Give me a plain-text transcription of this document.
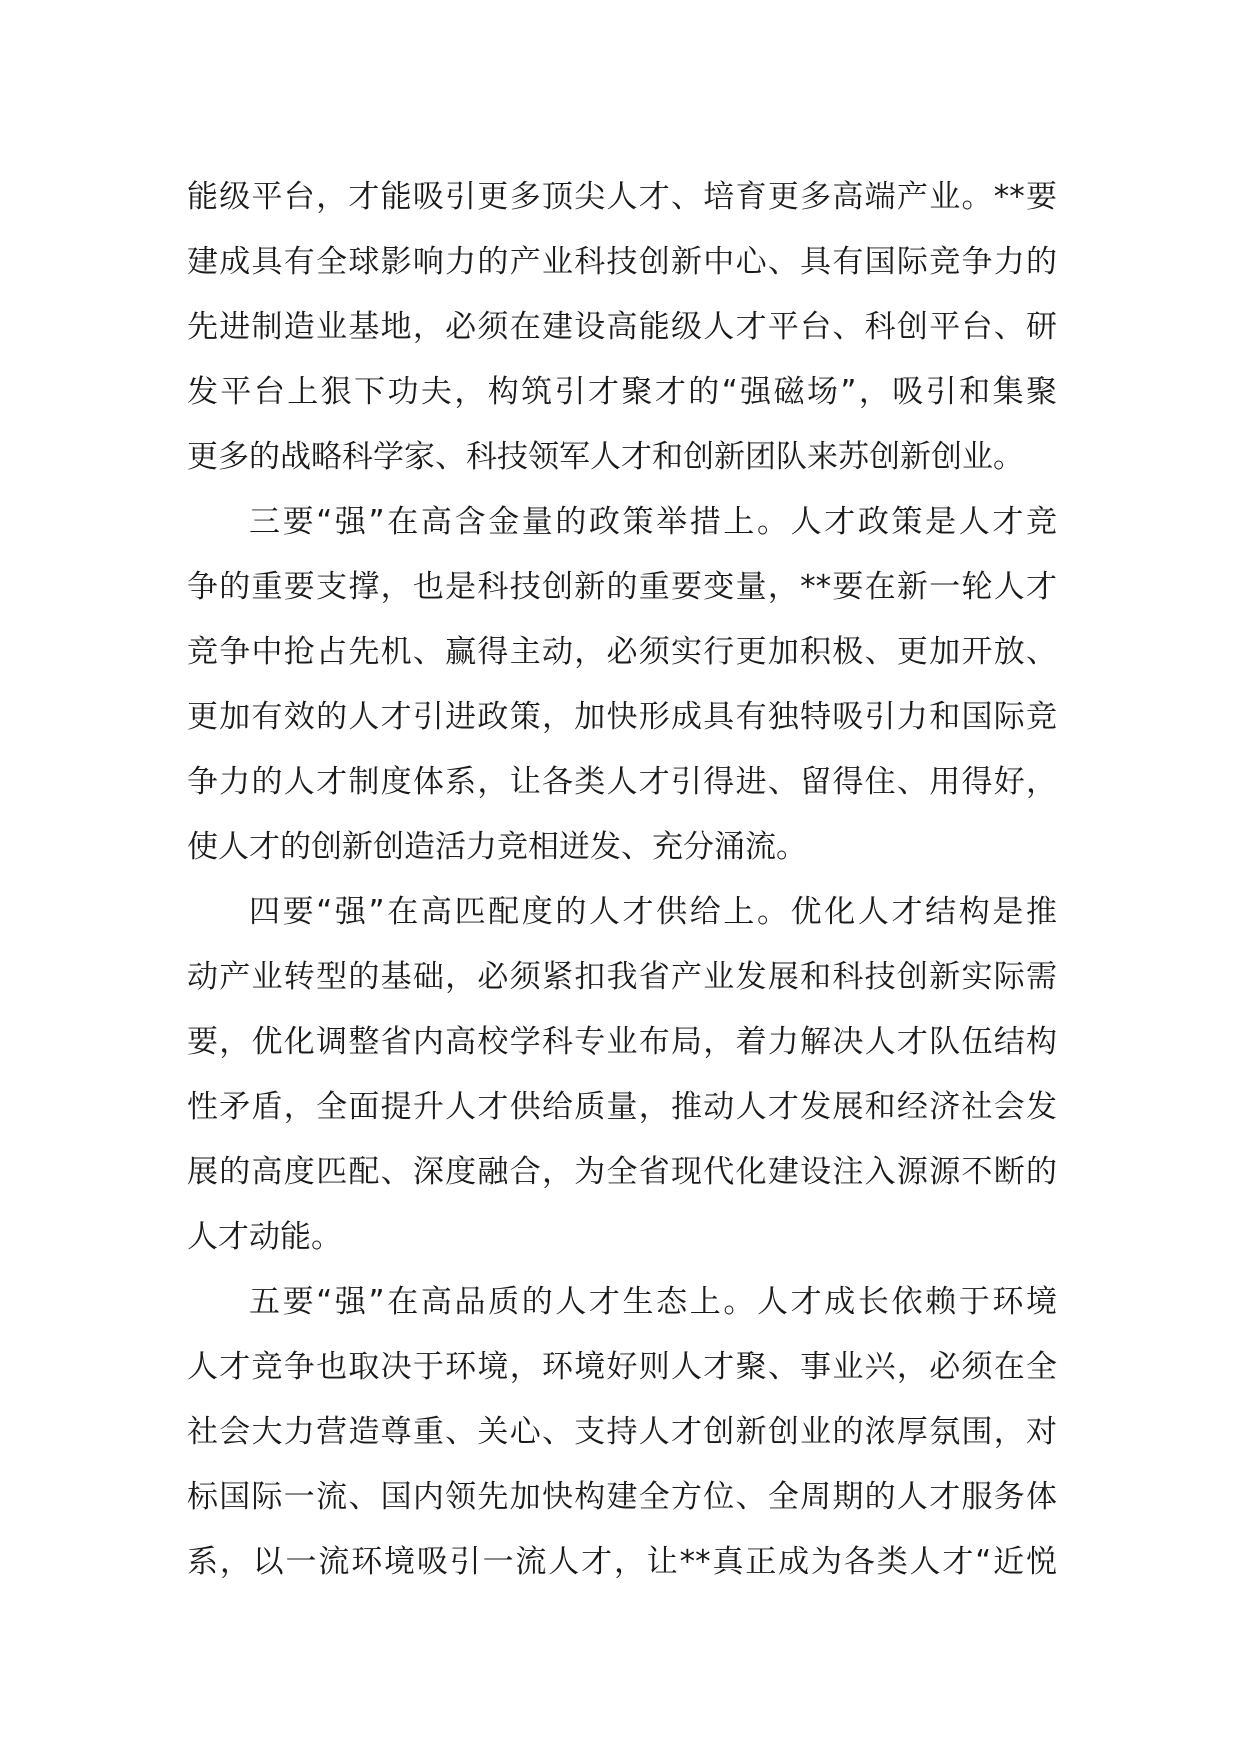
能级平台，才能吸引更多顶尖人才、培育更多高端产业。**要
建成具有全球影响力的产业科技创新中心、具有国际竞争力的
先进制造业基地，必须在建设高能级人才平台、科创平台、研
发平台上狠下功夫，构筑引才聚才的“强磁场”，吸引和集聚
更多的战略科学家、科技领军人才和创新团队来苏创新创业。
三要“强”在高含金量的政策举措上。人才政策是人才竞
争的重要支撑，也是科技创新的重要变量，**要在新一轮人才
竞争中抢占先机、赢得主动，必须实行更加积极、更加开放、
更加有效的人才引进政策，加快形成具有独特吸引力和国际竞
争力的人才制度体系，让各类人才引得进、留得住、用得好，
使人才的创新创造活力竞相迸发、充分涌流。
四要“强”在高匹配度的人才供给上。优化人才结构是推
动产业转型的基础，必须紧扣我省产业发展和科技创新实际需
要，优化调整省内高校学科专业布局，着力解决人才队伍结构
性矛盾，全面提升人才供给质量，推动人才发展和经济社会发
展的高度匹配、深度融合，为全省现代化建设注入源源不断的
人才动能。
五要“强”在高品质的人才生态上。人才成长依赖于环境
人才竞争也取决于环境，环境好则人才聚、事业兴，必须在全
社会大力营造尊重、关心、支持人才创新创业的浓厚氛围，对
标国际一流、国内领先加快构建全方位、全周期的人才服务体
系，以一流环境吸引一流人才，让**真正成为各类人才“近悦
